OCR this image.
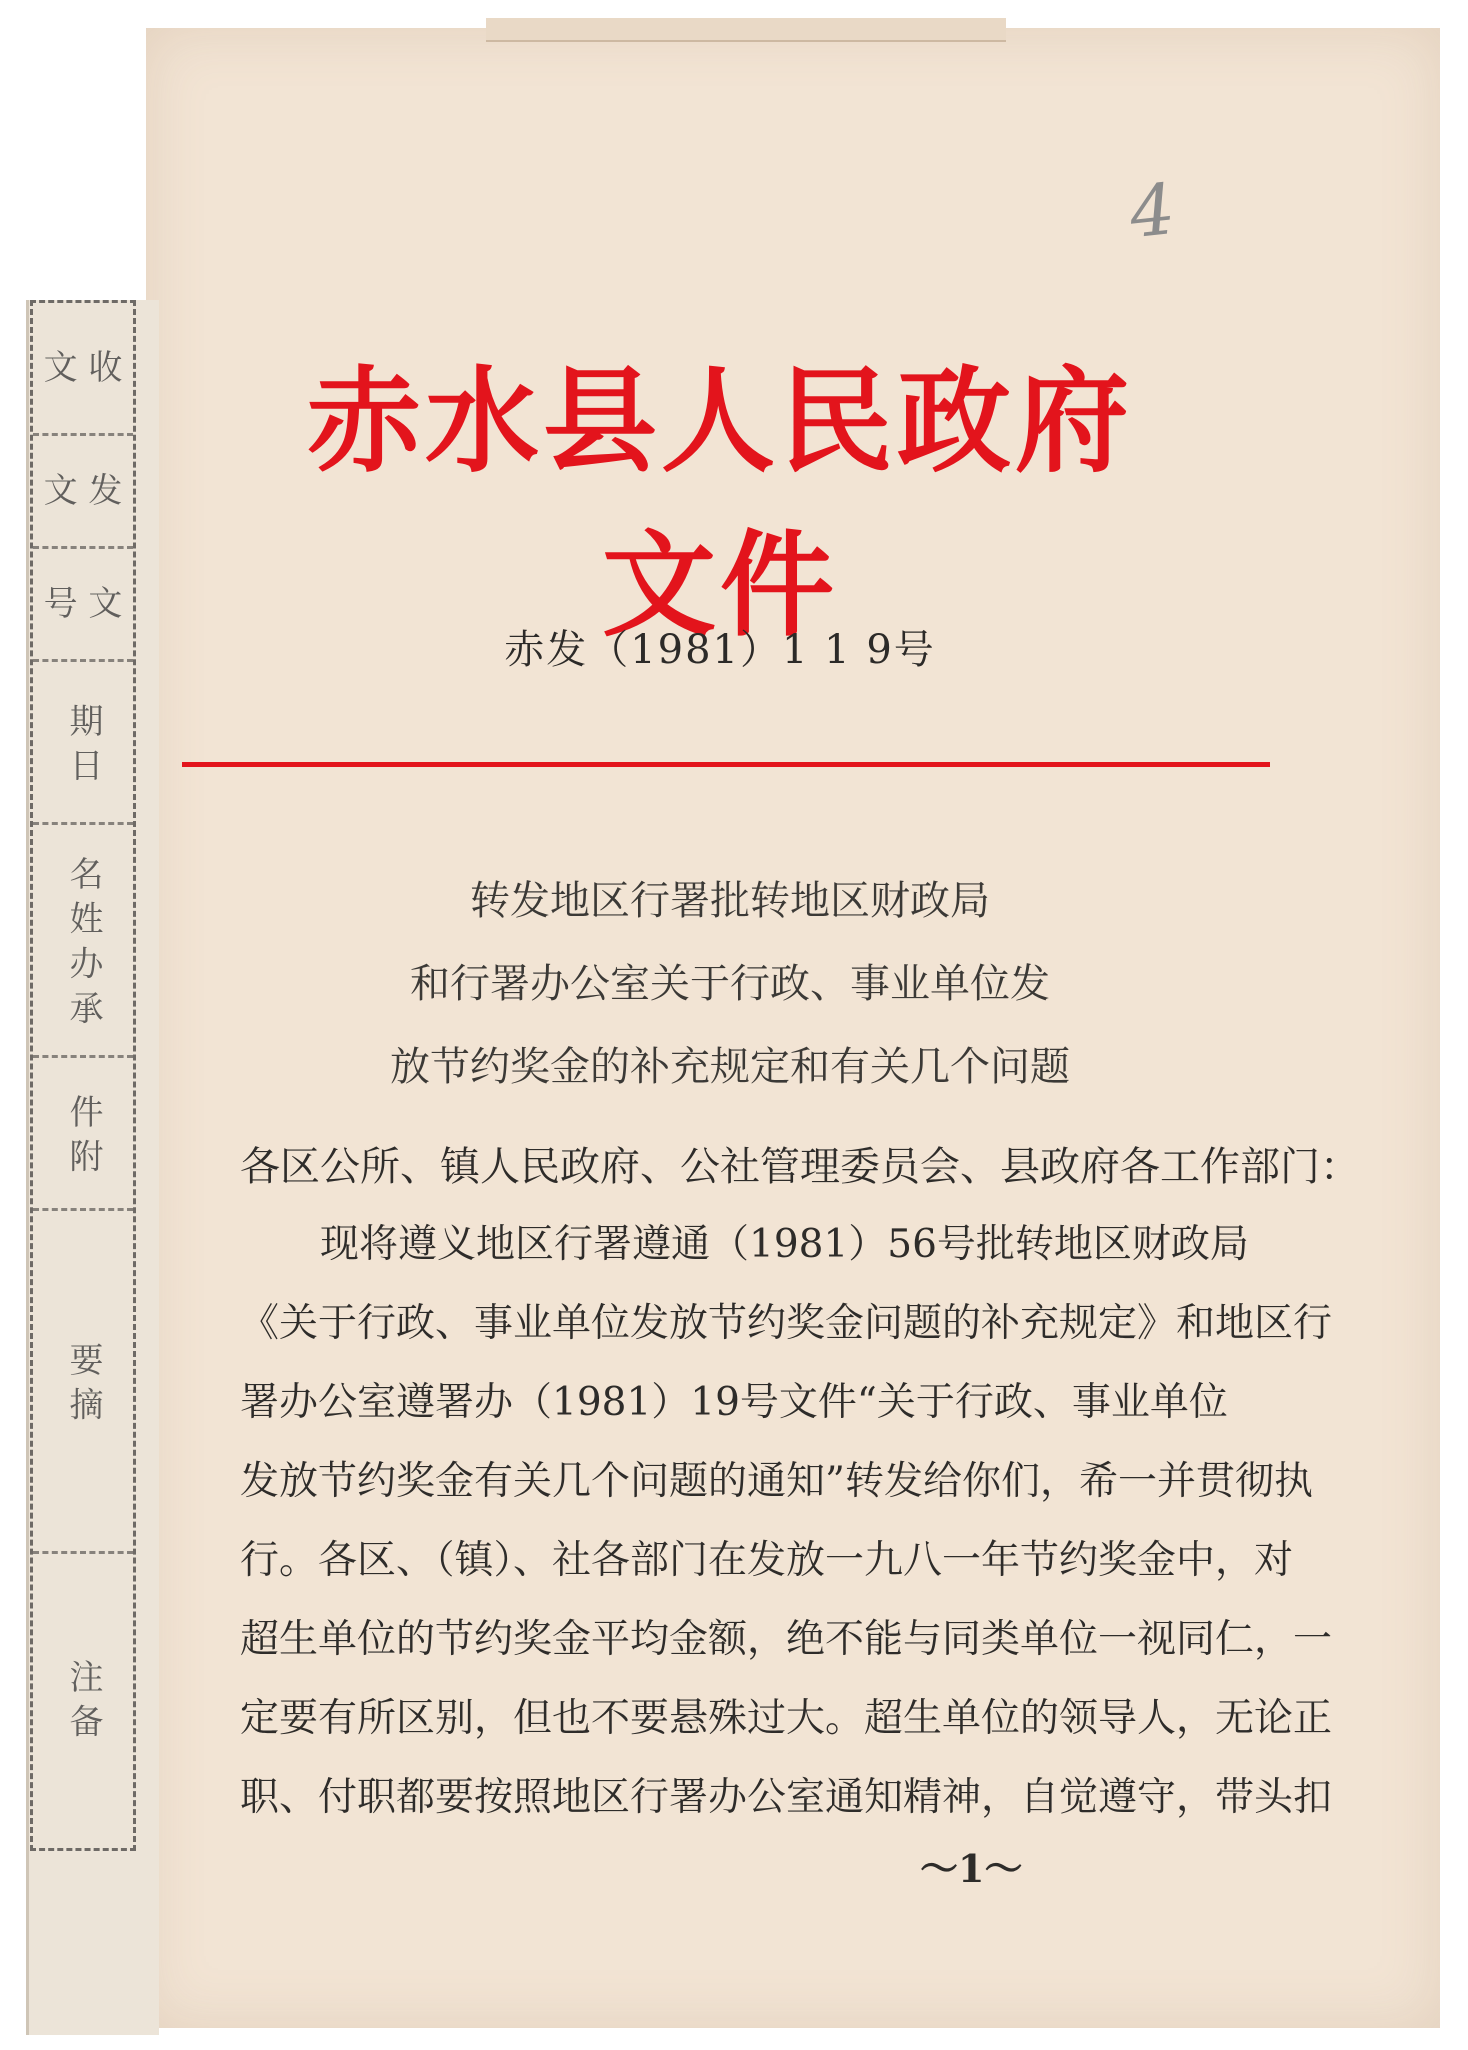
文 收
文 发
号 文
期 日
名 姓 办 承
件 附
要 摘
注 备
4
赤水县人民政府文件
赤发（1981）1 1 9号
转发地区行署批转地区财政局
和行署办公室关于行政、事业单位发
放节约奖金的补充规定和有关几个问题
各区公所、镇人民政府、公社管理委员会、县政府各工作部门：
现将遵义地区行署遵通（1981）56号批转地区财政局
《关于行政、事业单位发放节约奖金问题的补充规定》和地区行
署办公室遵署办（1981）19号文件“关于行政、事业单位
发放节约奖金有关几个问题的通知”转发给你们，希一并贯彻执
行。各区、（镇）、社各部门在发放一九八一年节约奖金中，对
超生单位的节约奖金平均金额，绝不能与同类单位一视同仁，一
定要有所区别，但也不要悬殊过大。超生单位的领导人，无论正
职、付职都要按照地区行署办公室通知精神，自觉遵守，带头扣
～1～
